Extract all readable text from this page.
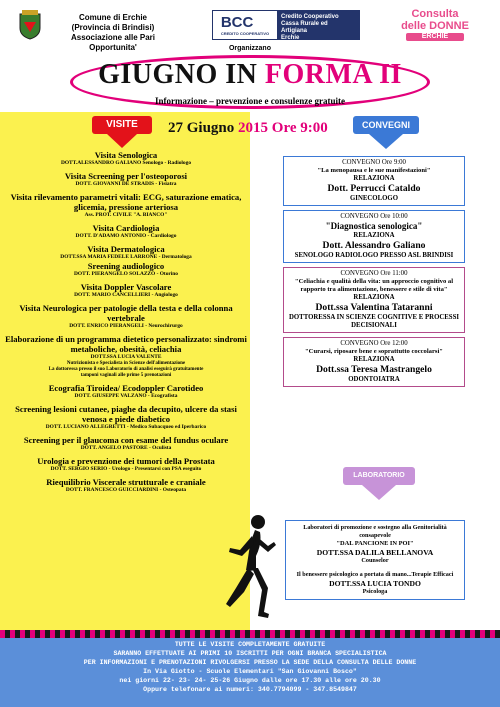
Comune di Erchie
(Provincia di Brindisi)
Associazione alle Pari Opportunita'
BCC
CREDITO COOPERATIVO
Credito Cooperativo
Cassa Rurale ed Artigiana
Erchie
Consulta
delle DONNE
ERCHIE
Organizzano
GIUGNO IN FORMA II
Informazione – prevenzione e consulenze gratuite
VISITE	27 Giugno 2015 Ore 9:00	CONVEGNI
Visita Senologica
DOTT.ALESSANDRO GALIANO Senologo - Radiologo
Visita Screening per l'osteoporosi
DOTT. GIOVANNI DE STRADIS - Fisiatra
Visita rilevamento parametri vitali: ECG, saturazione ematica, glicemia, pressione arteriosa
Ass. PROT. CIVILE "A. BIANCO"
Visita Cardiologia
DOTT. D'ADAMO ANTONIO - Cardiologo
Visita Dermatologica
DOTT.SSA MARIA FEDELE LARRONE - Dermatologa
Sreening audiologico
DOTT. PIERANGELO SOLAZZO - Otorino
Visita Doppler Vascolare
DOTT. MARIO CANCELLIERI - Angiologo
Visita Neurologica per patologie della testa e della colonna vertebrale
DOTT. ENRICO PIERANGELI - Neurochirurgo
Elaborazione di un programma dietetico personalizzato: sindromi metaboliche, obesità, celiachia
DOTT.SSA LUCIA VALENTE
Nutrizionista e Specialista in Scienze dell'alimentazione
La dottoressa presso il suo Laboratorio di analisi eseguirà gratuitamente
tamponi vaginali alle prime 5 prenotazioni
Ecografia Tiroidea/ Ecodoppler Carotideo
DOTT. GIUSEPPE VALZANO - Ecografista
Screening lesioni cutanee, piaghe da decupito, ulcere da stasi venosa e piede diabetico
DOTT. LUCIANO ALLEGRETTI - Medico Subacqueo ed Iperbarico
Screening per il glaucoma con esame del fundus oculare
DOTT. ANGELO PASTORE - Oculista
Urologia e prevenzione dei tumori della Prostata
DOTT. SERGIO SERIO - Urologo - Presentarsi con PSA eseguito
Riequilibrio Viscerale strutturale e craniale
DOTT. FRANCESCO GUICCIARDINI - Osteopata
CONVEGNO Ore 9:00
"La menopausa e le sue manifestazioni"
RELAZIONA
Dott. Perrucci Cataldo
GINECOLOGO
CONVEGNO Ore 10:00
"Diagnostica senologica"
RELAZIONA
Dott. Alessandro Galiano
SENOLOGO RADIOLOGO PRESSO ASL BRINDISI
CONVEGNO Ore 11:00
"Celiachia e qualità della vita: un approccio cognitivo al rapporto tra alimentazione, benessere e stile di vita"
RELAZIONA
Dott.ssa Valentina Tataranni
DOTTORESSA IN SCIENZE COGNITIVE E PROCESSI DECISIONALI
CONVEGNO Ore 12:00
"Curarsi, riposare bene e soprattutto coccolarsi"
RELAZIONA
Dott.ssa Teresa Mastrangelo
ODONTOIATRA
LABORATORIO
Laboratori di promozione e sostegno alla Genitorialità consapevole
"DAL PANCIONE IN POI"
DOTT.SSA DALILA BELLANOVA
Counselor
Il benessere psicologico a portata di mano...Terapie Efficaci
DOTT.SSA LUCIA TONDO
Psicologa
TUTTE LE VISITE COMPLETAMENTE GRATUITE
SARANNO EFFETTUATE AI PRIMI 10 ISCRITTI PER OGNI BRANCA SPECIALISTICA
PER INFORMAZIONI E PRENOTAZIONI RIVOLGERSI PRESSO LA SEDE DELLA CONSULTA DELLE DONNE
In Via Giotto - Scuole Elementari "San Giovanni Bosco"
nei giorni 22- 23- 24- 25-26 Giugno dalle ore 17.30 alle ore 20.30
Oppure telefonare ai numeri: 340.7794099 - 347.8549847
